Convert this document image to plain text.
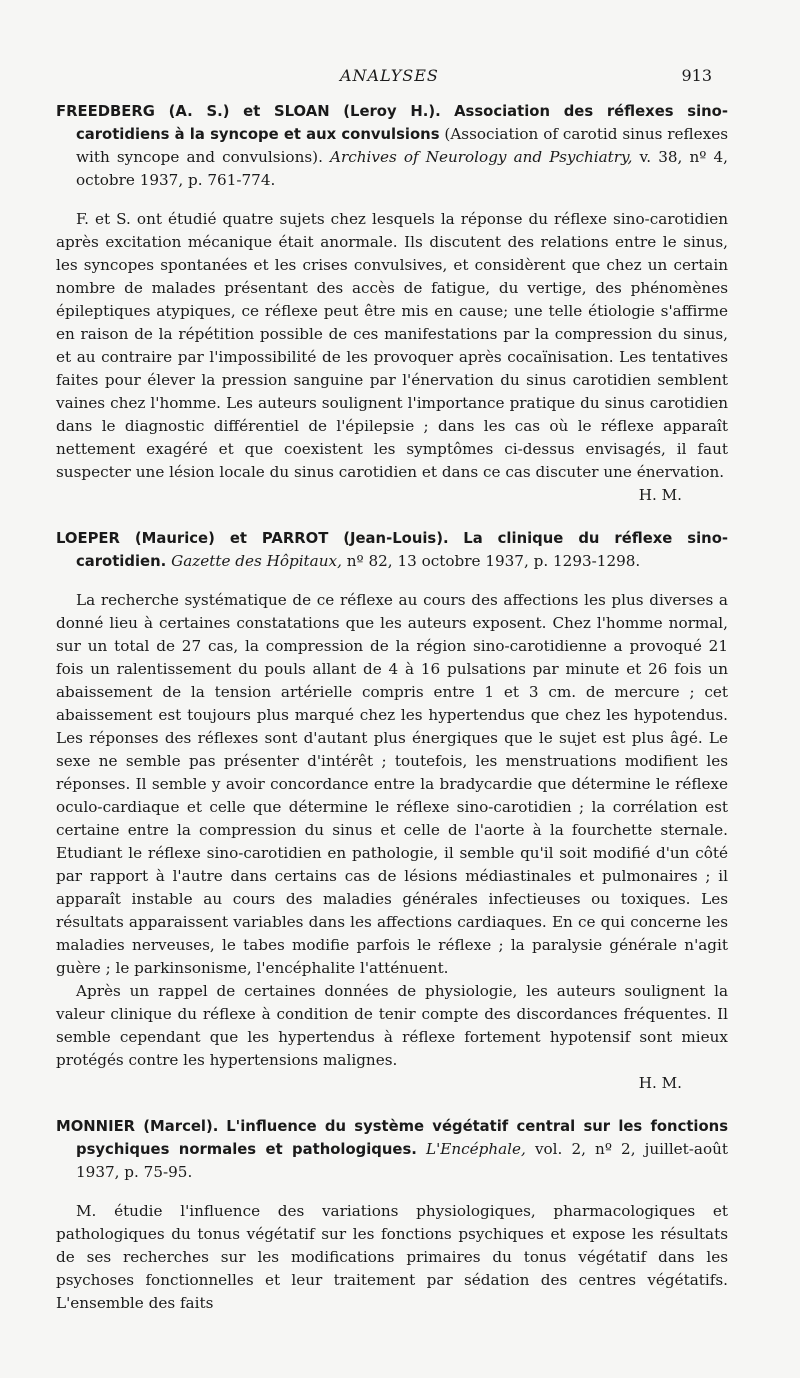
ANALYSES	913

FREEDBERG (A. S.) et SLOAN (Leroy H.). Association des réflexes sino-carotidiens à la syncope et aux convulsions (Association of carotid sinus reflexes with syncope and convulsions). Archives of Neurology and Psychiatry, v. 38, nº 4, octobre 1937, p. 761-774.

F. et S. ont étudié quatre sujets chez lesquels la réponse du réflexe sino-carotidien après excitation mécanique était anormale. Ils discutent des relations entre le sinus, les syncopes spontanées et les crises convulsives, et considèrent que chez un certain nombre de malades présentant des accès de fatigue, du vertige, des phénomènes épileptiques atypiques, ce réflexe peut être mis en cause; une telle étiologie s'affirme en raison de la répétition possible de ces manifestations par la compression du sinus, et au contraire par l'impossibilité de les provoquer après cocaïnisation. Les tentatives faites pour élever la pression sanguine par l'énervation du sinus carotidien semblent vaines chez l'homme. Les auteurs soulignent l'importance pratique du sinus carotidien dans le diagnostic différentiel de l'épilepsie ; dans les cas où le réflexe apparaît nettement exagéré et que coexistent les symptômes ci-dessus envisagés, il faut suspecter une lésion locale du sinus carotidien et dans ce cas discuter une énervation.

H. M.

LOEPER (Maurice) et PARROT (Jean-Louis). La clinique du réflexe sino-carotidien. Gazette des Hôpitaux, nº 82, 13 octobre 1937, p. 1293-1298.

La recherche systématique de ce réflexe au cours des affections les plus diverses a donné lieu à certaines constatations que les auteurs exposent. Chez l'homme normal, sur un total de 27 cas, la compression de la région sino-carotidienne a provoqué 21 fois un ralentissement du pouls allant de 4 à 16 pulsations par minute et 26 fois un abaissement de la tension artérielle compris entre 1 et 3 cm. de mercure ; cet abaissement est toujours plus marqué chez les hypertendus que chez les hypotendus. Les réponses des réflexes sont d'autant plus énergiques que le sujet est plus âgé. Le sexe ne semble pas présenter d'intérêt ; toutefois, les menstruations modifient les réponses. Il semble y avoir concordance entre la bradycardie que détermine le réflexe oculo-cardiaque et celle que détermine le réflexe sino-carotidien ; la corrélation est certaine entre la compression du sinus et celle de l'aorte à la fourchette sternale. Etudiant le réflexe sino-carotidien en pathologie, il semble qu'il soit modifié d'un côté par rapport à l'autre dans certains cas de lésions médiastinales et pulmonaires ; il apparaît instable au cours des maladies générales infectieuses ou toxiques. Les résultats apparaissent variables dans les affections cardiaques. En ce qui concerne les maladies nerveuses, le tabes modifie parfois le réflexe ; la paralysie générale n'agit guère ; le parkinsonisme, l'encéphalite l'atténuent.

Après un rappel de certaines données de physiologie, les auteurs soulignent la valeur clinique du réflexe à condition de tenir compte des discordances fréquentes. Il semble cependant que les hypertendus à réflexe fortement hypotensif sont mieux protégés contre les hypertensions malignes.

H. M.

MONNIER (Marcel). L'influence du système végétatif central sur les fonctions psychiques normales et pathologiques. L'Encéphale, vol. 2, nº 2, juillet-août 1937, p. 75-95.

M. étudie l'influence des variations physiologiques, pharmacologiques et pathologiques du tonus végétatif sur les fonctions psychiques et expose les résultats de ses recherches sur les modifications primaires du tonus végétatif dans les psychoses fonctionnelles et leur traitement par sédation des centres végétatifs. L'ensemble des faits
